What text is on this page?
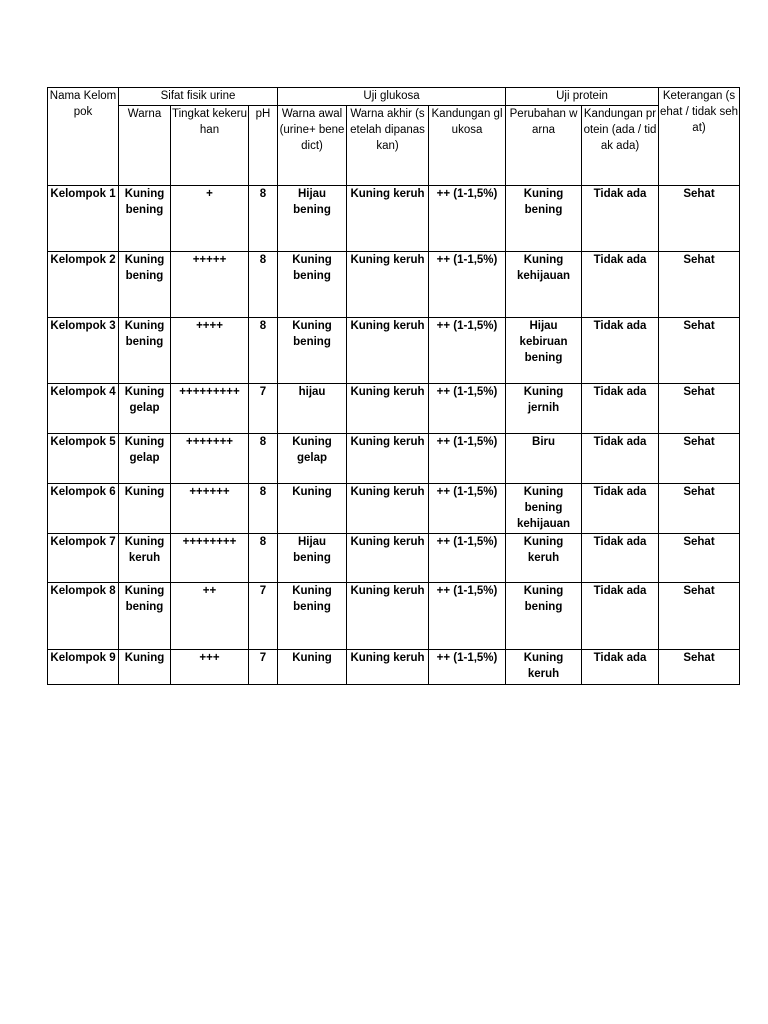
Nama Kelompok	Sifat fisik urine			Uji glukosa			Uji protein		Keterangan (sehat / tidak sehat)
	Warna	Tingkat kekeruhan	pH	Warna awal (urine+ benedict)	Warna akhir (setelah dipanaskan)	Kandungan glukosa	Perubahan warna	Kandungan protein (ada / tidak ada)	
Kelompok 1	Kuning bening	+	8	Hijau bening	Kuning keruh	++ (1-1,5%)	Kuning bening	Tidak ada	Sehat
Kelompok 2	Kuning bening	+++++	8	Kuning bening	Kuning keruh	++ (1-1,5%)	Kuning kehijauan	Tidak ada	Sehat
Kelompok 3	Kuning bening	++++	8	Kuning bening	Kuning keruh	++ (1-1,5%)	Hijau kebiruan bening	Tidak ada	Sehat
Kelompok 4	Kuning gelap	+++++++++	7	hijau	Kuning keruh	++ (1-1,5%)	Kuning jernih	Tidak ada	Sehat
Kelompok 5	Kuning gelap	+++++++	8	Kuning gelap	Kuning keruh	++ (1-1,5%)	Biru	Tidak ada	Sehat
Kelompok 6	Kuning	++++++	8	Kuning	Kuning keruh	++ (1-1,5%)	Kuning bening kehijauan	Tidak ada	Sehat
Kelompok 7	Kuning keruh	++++++++	8	Hijau bening	Kuning keruh	++ (1-1,5%)	Kuning keruh	Tidak ada	Sehat
Kelompok 8	Kuning bening	++	7	Kuning bening	Kuning keruh	++ (1-1,5%)	Kuning bening	Tidak ada	Sehat
Kelompok 9	Kuning	+++	7	Kuning	Kuning keruh	++ (1-1,5%)	Kuning keruh	Tidak ada	Sehat
